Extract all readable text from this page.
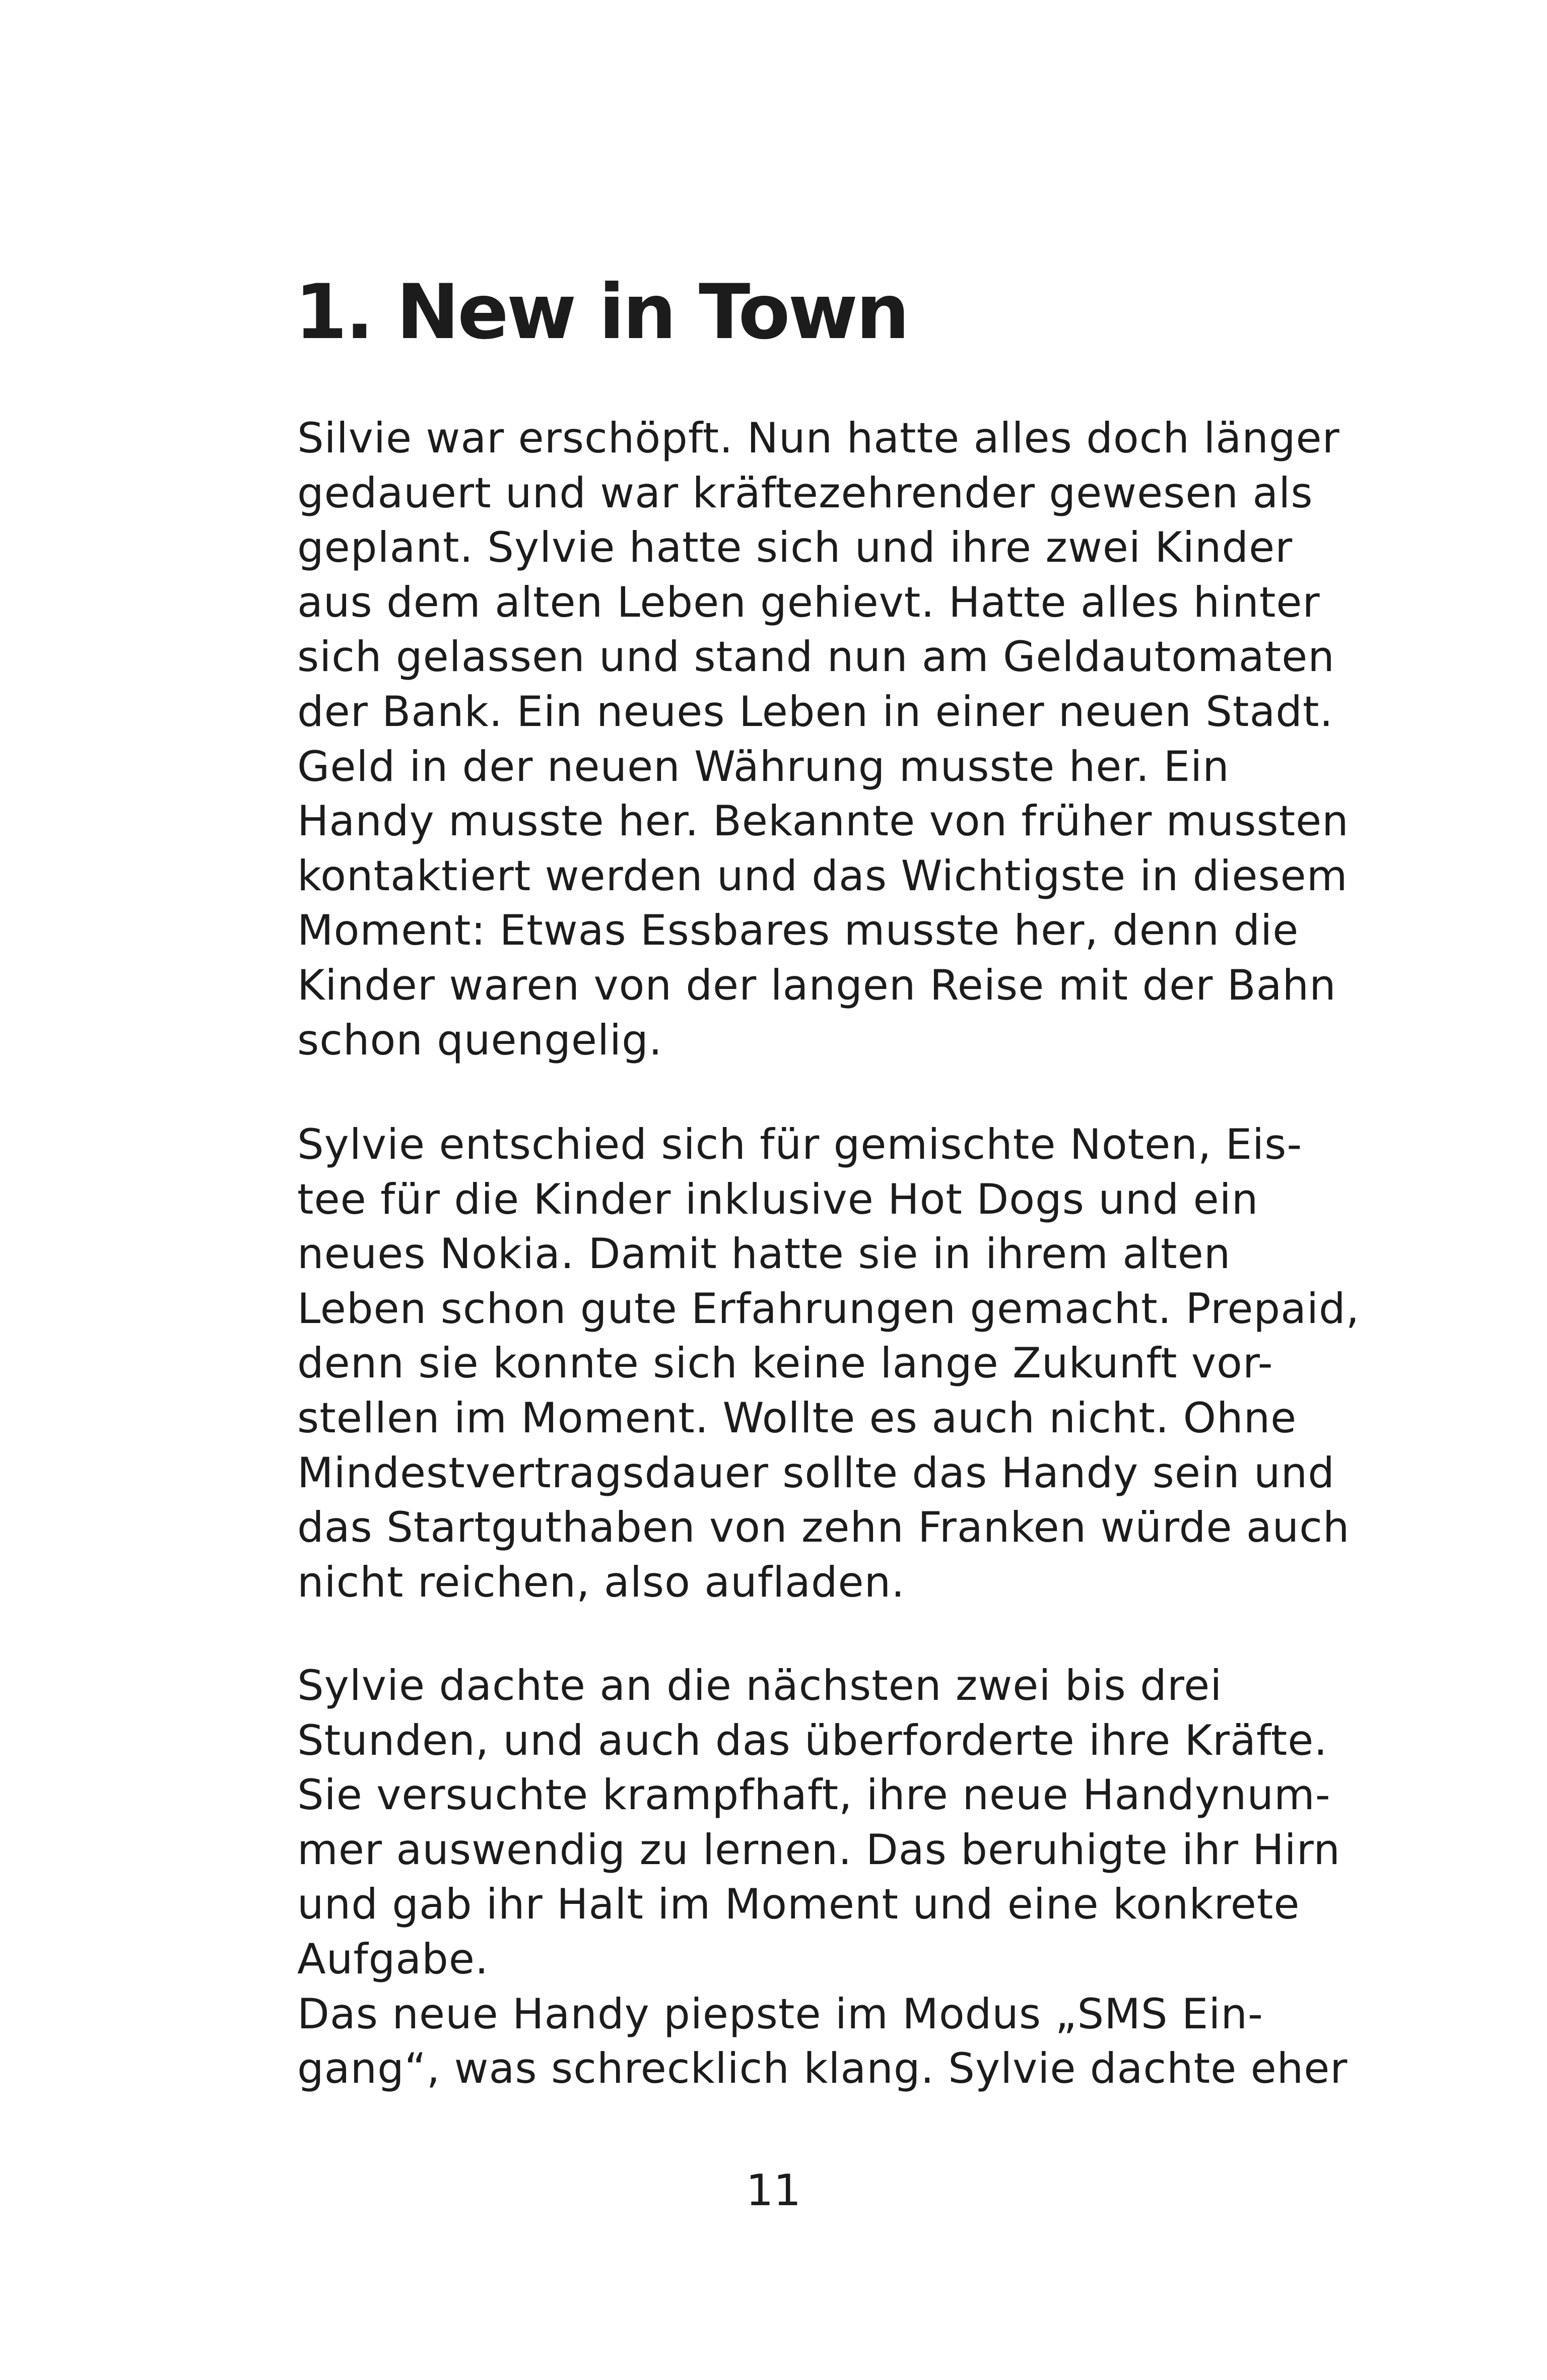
1. New in Town
Silvie war erschöpft. Nun hatte alles doch länger
gedauert und war kräftezehrender gewesen als
geplant. Sylvie hatte sich und ihre zwei Kinder
aus dem alten Leben gehievt. Hatte alles hinter
sich gelassen und stand nun am Geldautomaten
der Bank. Ein neues Leben in einer neuen Stadt.
Geld in der neuen Währung musste her. Ein
Handy musste her. Bekannte von früher mussten
kontaktiert werden und das Wichtigste in diesem
Moment: Etwas Essbares musste her, denn die
Kinder waren von der langen Reise mit der Bahn
schon quengelig.
Sylvie entschied sich für gemischte Noten, Eis-
tee für die Kinder inklusive Hot Dogs und ein
neues Nokia. Damit hatte sie in ihrem alten
Leben schon gute Erfahrungen gemacht. Prepaid,
denn sie konnte sich keine lange Zukunft vor-
stellen im Moment. Wollte es auch nicht. Ohne
Mindestvertragsdauer sollte das Handy sein und
das Startguthaben von zehn Franken würde auch
nicht reichen, also aufladen.
Sylvie dachte an die nächsten zwei bis drei
Stunden, und auch das überforderte ihre Kräfte.
Sie versuchte krampfhaft, ihre neue Handynum-
mer auswendig zu lernen. Das beruhigte ihr Hirn
und gab ihr Halt im Moment und eine konkrete
Aufgabe.
Das neue Handy piepste im Modus „SMS Ein-
gang“, was schrecklich klang. Sylvie dachte eher
11
